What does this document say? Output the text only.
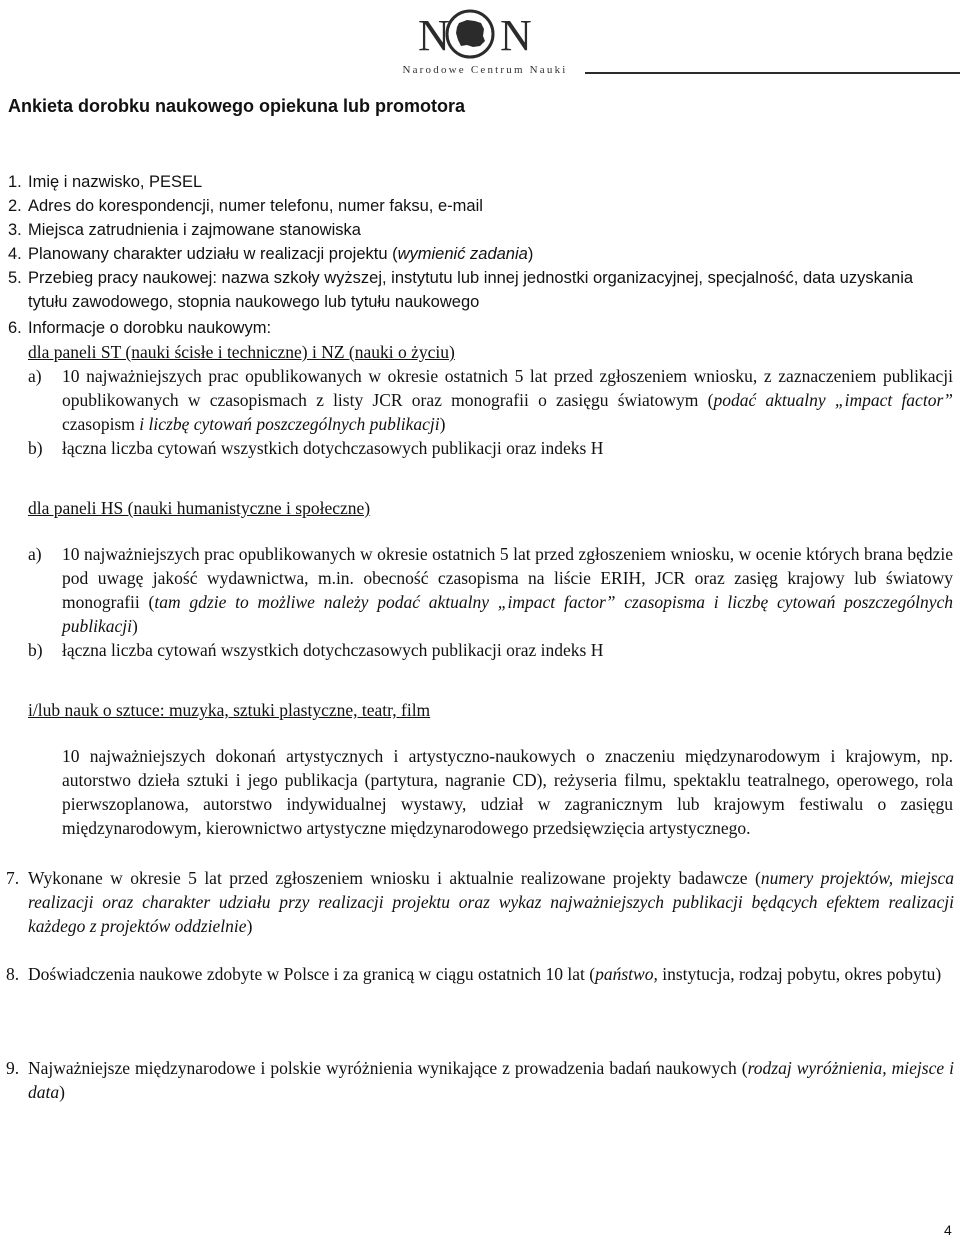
N N
Narodowe Centrum Nauki
Ankieta dorobku naukowego opiekuna lub promotora
1. Imię i nazwisko, PESEL
2. Adres do korespondencji, numer telefonu, numer faksu, e-mail
3. Miejsca zatrudnienia i zajmowane stanowiska
4. Planowany charakter udziału w realizacji projektu (wymienić zadania)
5. Przebieg pracy naukowej: nazwa szkoły wyższej, instytutu lub innej jednostki organizacyjnej, specjalność, data uzyskania tytułu zawodowego, stopnia naukowego lub tytułu naukowego
6. Informacje o dorobku naukowym:
dla paneli ST (nauki ścisłe i techniczne) i NZ (nauki o życiu)
a)	10 najważniejszych prac opublikowanych w okresie ostatnich 5 lat przed zgłoszeniem wniosku, z zaznaczeniem publikacji opublikowanych w czasopismach z listy JCR oraz monografii o zasięgu światowym (podać aktualny „impact factor” czasopism i liczbę cytowań poszczególnych publikacji)
b)	łączna liczba cytowań wszystkich dotychczasowych publikacji oraz indeks H
dla paneli HS (nauki humanistyczne i społeczne)
a)	10 najważniejszych prac opublikowanych w okresie ostatnich 5 lat przed zgłoszeniem wniosku, w ocenie których brana będzie pod uwagę jakość wydawnictwa, m.in. obecność czasopisma na liście ERIH, JCR oraz zasięg krajowy lub światowy monografii (tam gdzie to możliwe należy podać aktualny „impact factor” czasopisma i liczbę cytowań poszczególnych publikacji)
b)	łączna liczba cytowań wszystkich dotychczasowych publikacji oraz indeks H
i/lub nauk o sztuce: muzyka, sztuki plastyczne, teatr, film
10 najważniejszych dokonań artystycznych i artystyczno-naukowych o znaczeniu międzynarodowym i krajowym, np. autorstwo dzieła sztuki i jego publikacja (partytura, nagranie CD), reżyseria filmu, spektaklu teatralnego, operowego, rola pierwszoplanowa, autorstwo indywidualnej wystawy, udział w zagranicznym lub krajowym festiwalu o zasięgu międzynarodowym, kierownictwo artystyczne międzynarodowego przedsięwzięcia artystycznego.
7. Wykonane w okresie 5 lat przed zgłoszeniem wniosku i aktualnie realizowane projekty badawcze (numery projektów, miejsca realizacji oraz charakter udziału przy realizacji projektu oraz wykaz najważniejszych publikacji będących efektem realizacji każdego z projektów oddzielnie)
8. Doświadczenia naukowe zdobyte w Polsce i za granicą w ciągu ostatnich 10 lat (państwo, instytucja, rodzaj pobytu, okres pobytu)
9. Najważniejsze międzynarodowe i polskie wyróżnienia wynikające z prowadzenia badań naukowych (rodzaj wyróżnienia, miejsce i data)
4
